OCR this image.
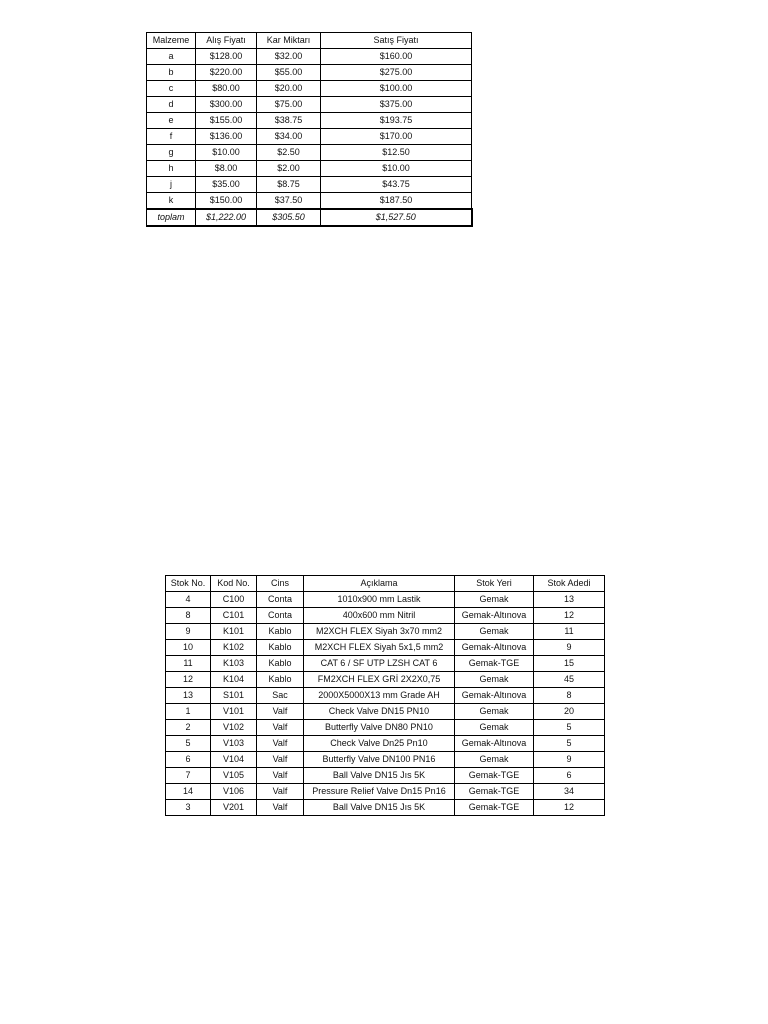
Malzeme	Alış Fiyatı	Kar Miktarı	Satış Fiyatı
a	$128.00	$32.00	$160.00
b	$220.00	$55.00	$275.00
c	$80.00	$20.00	$100.00
d	$300.00	$75.00	$375.00
e	$155.00	$38.75	$193.75
f	$136.00	$34.00	$170.00
g	$10.00	$2.50	$12.50
h	$8.00	$2.00	$10.00
j	$35.00	$8.75	$43.75
k	$150.00	$37.50	$187.50
toplam	$1,222.00	$305.50	$1,527.50
Stok No.	Kod No.	Cins	Açıklama	Stok Yeri	Stok Adedi
4	C100	Conta	1010x900 mm Lastik	Gemak	13
8	C101	Conta	400x600 mm Nitril	Gemak-Altınova	12
9	K101	Kablo	M2XCH FLEX Siyah 3x70 mm2	Gemak	11
10	K102	Kablo	M2XCH FLEX Siyah 5x1,5 mm2	Gemak-Altınova	9
11	K103	Kablo	CAT 6 / SF UTP LZSH CAT 6	Gemak-TGE	15
12	K104	Kablo	FM2XCH FLEX GRİ 2X2X0,75	Gemak	45
13	S101	Sac	2000X5000X13 mm Grade AH	Gemak-Altınova	8
1	V101	Valf	Check Valve DN15 PN10	Gemak	20
2	V102	Valf	Butterfly Valve DN80 PN10	Gemak	5
5	V103	Valf	Check Valve Dn25 Pn10	Gemak-Altınova	5
6	V104	Valf	Butterfly Valve DN100 PN16	Gemak	9
7	V105	Valf	Ball Valve DN15 Jıs 5K	Gemak-TGE	6
14	V106	Valf	Pressure Relief Valve Dn15 Pn16	Gemak-TGE	34
3	V201	Valf	Ball Valve DN15 Jıs 5K	Gemak-TGE	12
